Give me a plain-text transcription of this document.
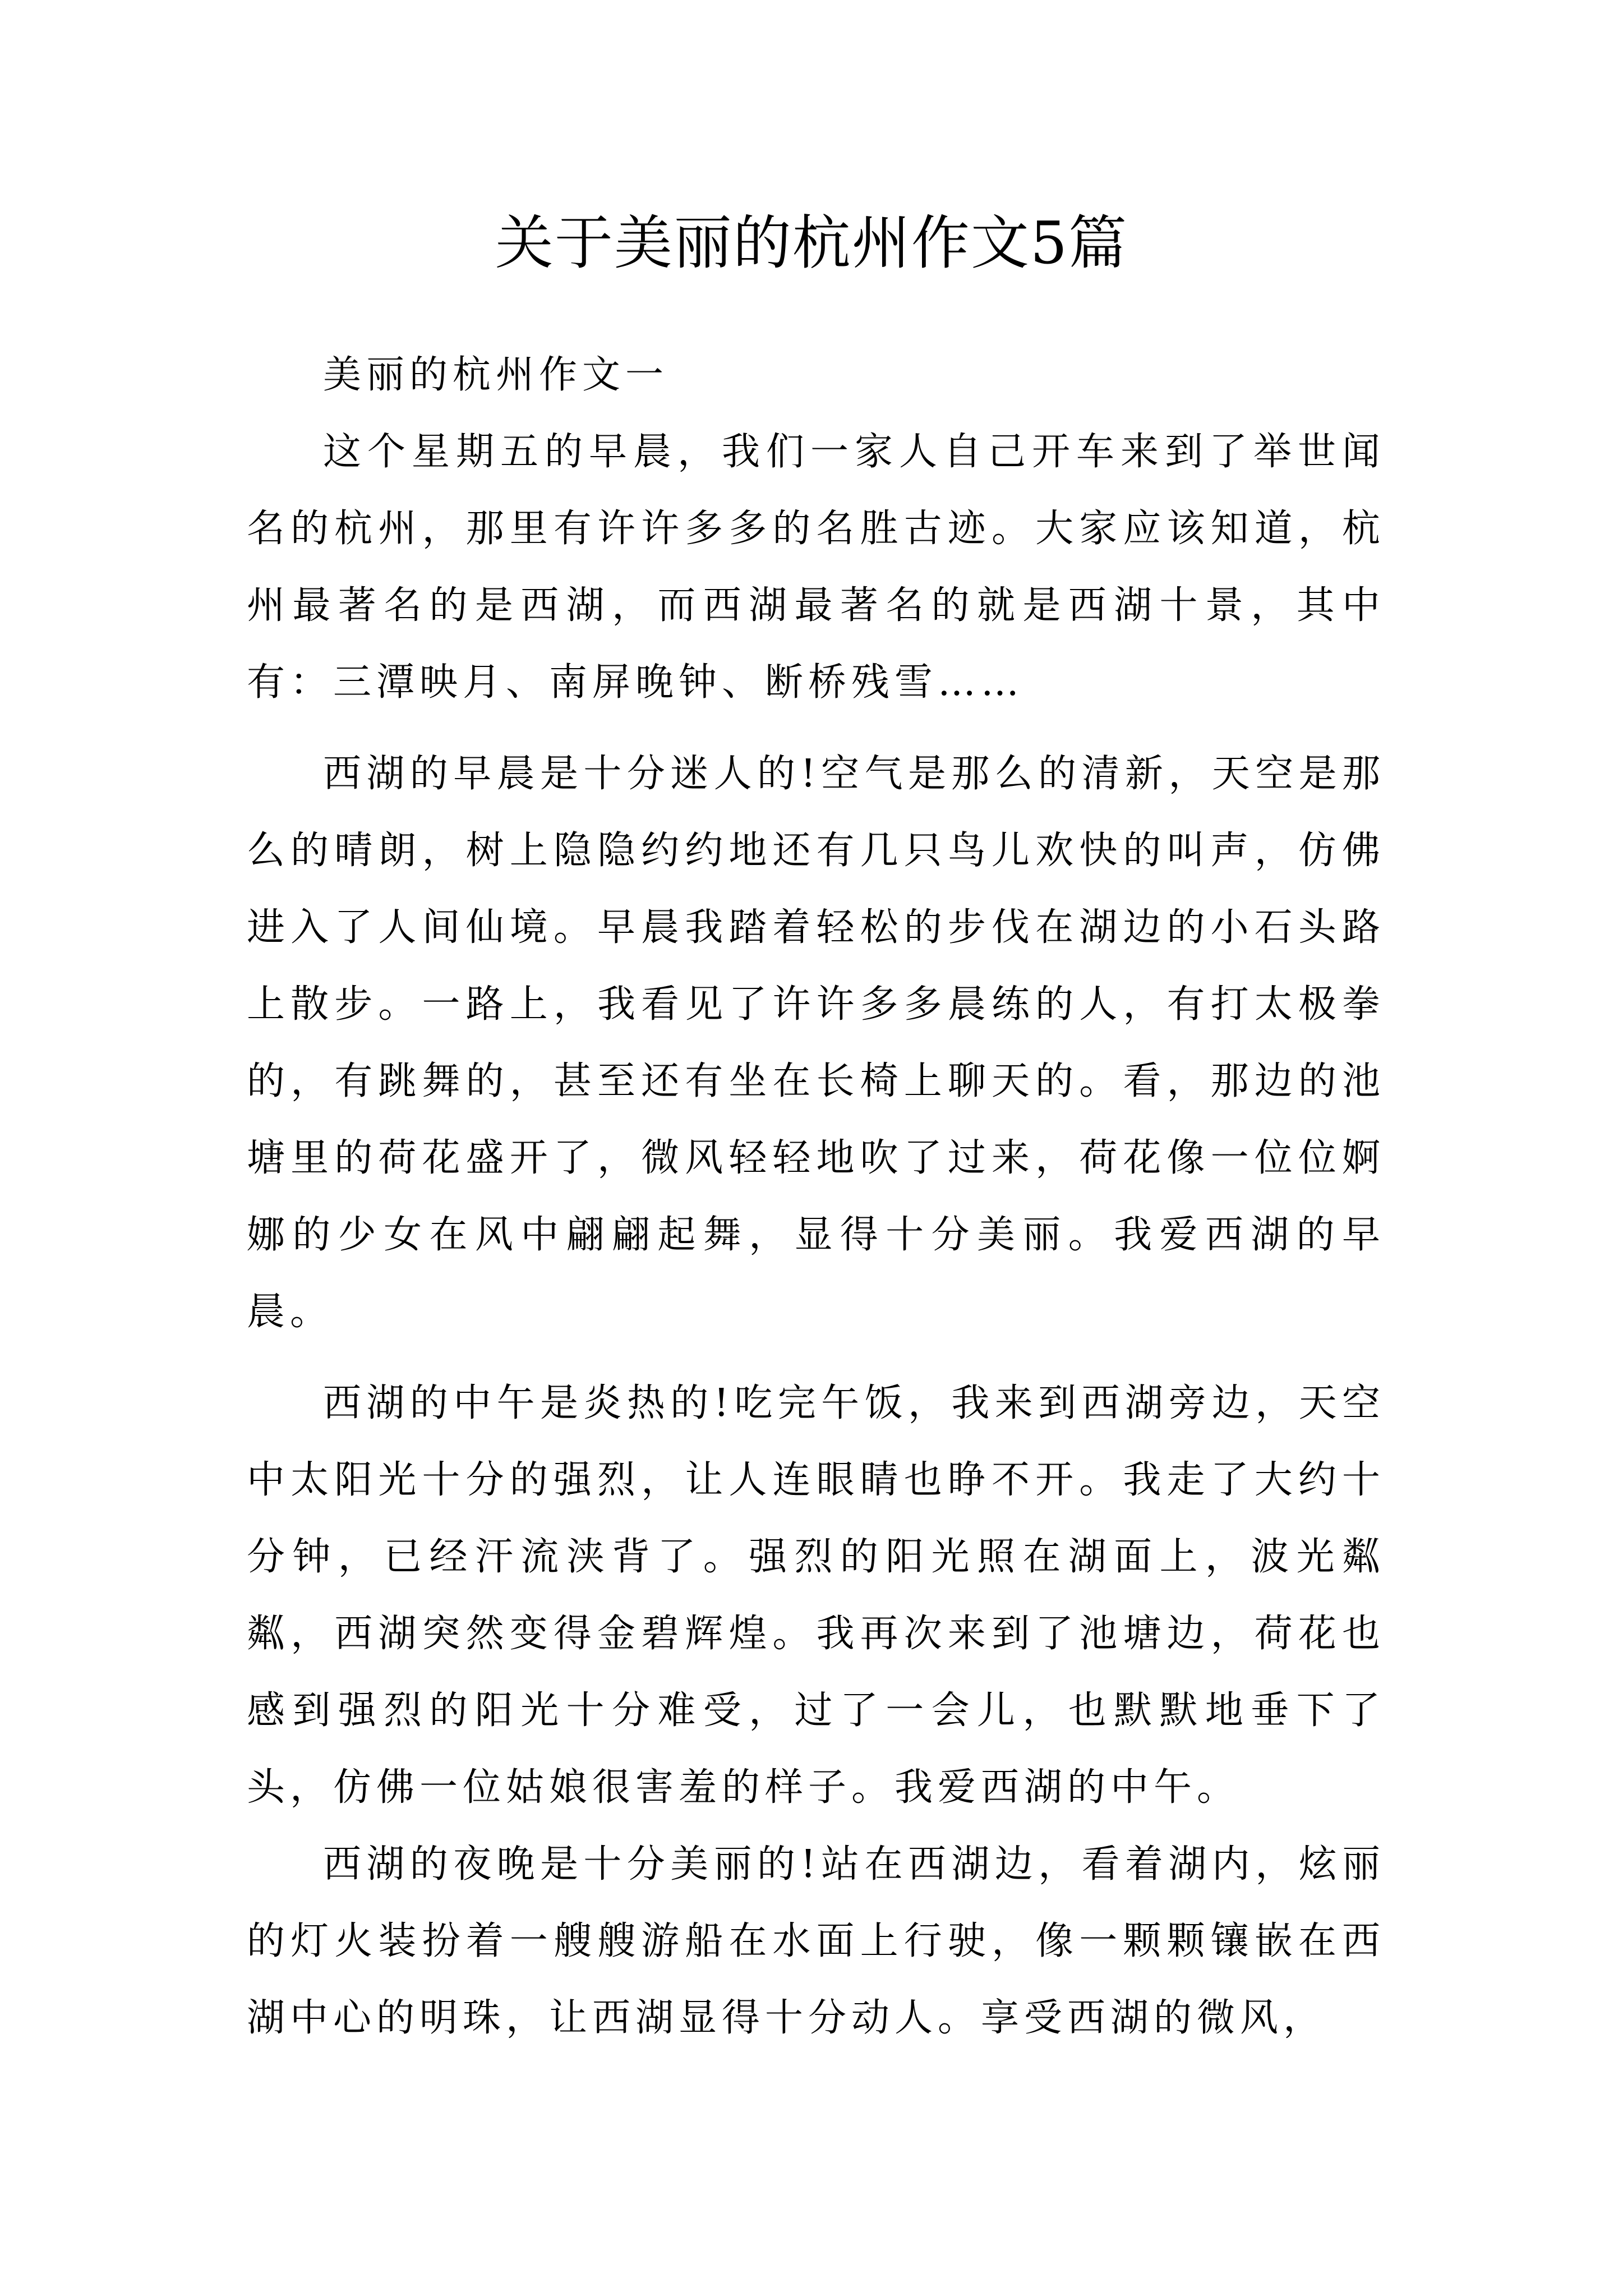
关于美丽的杭州作文5篇

美丽的杭州作文一

这个星期五的早晨，我们一家人自己开车来到了举世闻名的杭州，那里有许许多多的名胜古迹。大家应该知道，杭州最著名的是西湖，而西湖最著名的就是西湖十景，其中有：三潭映月、南屏晚钟、断桥残雪……

西湖的早晨是十分迷人的!空气是那么的清新，天空是那么的晴朗，树上隐隐约约地还有几只鸟儿欢快的叫声，仿佛进入了人间仙境。早晨我踏着轻松的步伐在湖边的小石头路上散步。一路上，我看见了许许多多晨练的人，有打太极拳的，有跳舞的，甚至还有坐在长椅上聊天的。看，那边的池塘里的荷花盛开了，微风轻轻地吹了过来，荷花像一位位婀娜的少女在风中翩翩起舞，显得十分美丽。我爱西湖的早晨。

西湖的中午是炎热的!吃完午饭，我来到西湖旁边，天空中太阳光十分的强烈，让人连眼睛也睁不开。我走了大约十分钟，已经汗流浃背了。强烈的阳光照在湖面上，波光粼粼，西湖突然变得金碧辉煌。我再次来到了池塘边，荷花也感到强烈的阳光十分难受，过了一会儿，也默默地垂下了头，仿佛一位姑娘很害羞的样子。我爱西湖的中午。

西湖的夜晚是十分美丽的!站在西湖边，看着湖内，炫丽的灯火装扮着一艘艘游船在水面上行驶，像一颗颗镶嵌在西湖中心的明珠，让西湖显得十分动人。享受西湖的微风，
